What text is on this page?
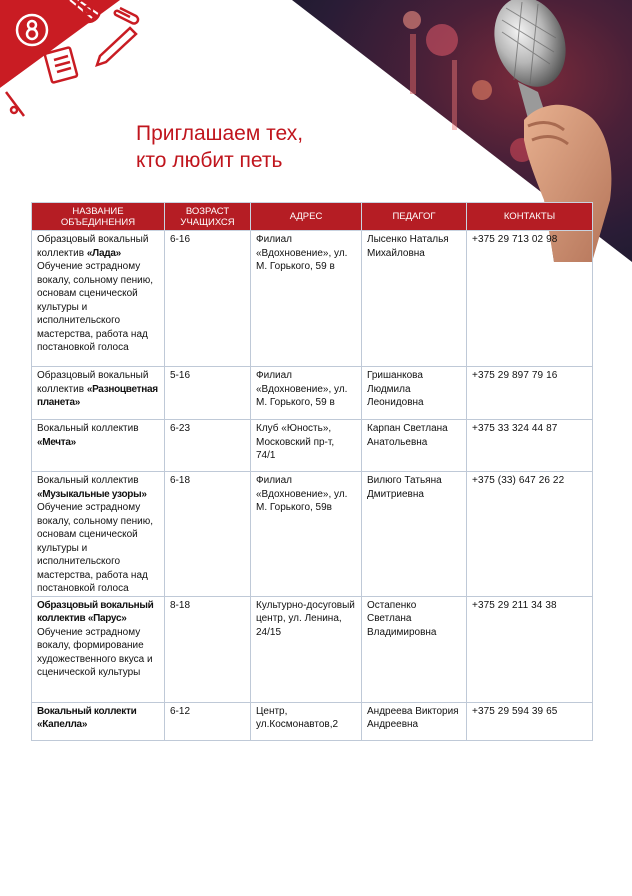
Приглашаем тех,
кто любит петь
НАЗВАНИЕ ОБЪЕДИНЕНИЯ	ВОЗРАСТ УЧАЩИХСЯ	АДРЕС	ПЕДАГОГ	КОНТАКТЫ

Образцовый вокальный коллектив «Лада»
Обучение эстрадному вокалу, сольному пению, основам сценической культуры и исполнительского мастерства, работа над постановкой голоса	6-16	Филиал «Вдохновение», ул. М. Горького, 59 в	Лысенко Наталья Михайловна	+375 29 713 02 98

Образцовый вокальный коллектив «Разноцветная планета»	5-16	Филиал «Вдохновение», ул. М. Горького, 59 в	Гришанкова Людмила Леонидовна	+375 29 897 79 16

Вокальный коллектив «Мечта»	6-23	Клуб «Юность», Московский пр-т, 74/1	Карпан Светлана Анатольевна	+375 33 324 44 87

Вокальный коллектив «Музыкальные узоры»
Обучение эстрадному вокалу, сольному пению, основам сценической культуры и исполнительского мастерства, работа над постановкой голоса	6-18	Филиал «Вдохновение», ул. М. Горького, 59в	Вилюго Татьяна Дмитриевна	+375 (33) 647 26 22

Образцовый вокальный коллектив «Парус»
Обучение эстрадному вокалу, формирование художественного вкуса и сценической культуры	8-18	Культурно-досуговый центр, ул. Ленина, 24/15	Остапенко Светлана Владимировна	+375 29 211 34 38

Вокальный коллекти «Капелла»	6-12	Центр, ул.Космонавтов,2	Андреева Виктория Андреевна	+375 29 594 39 65
